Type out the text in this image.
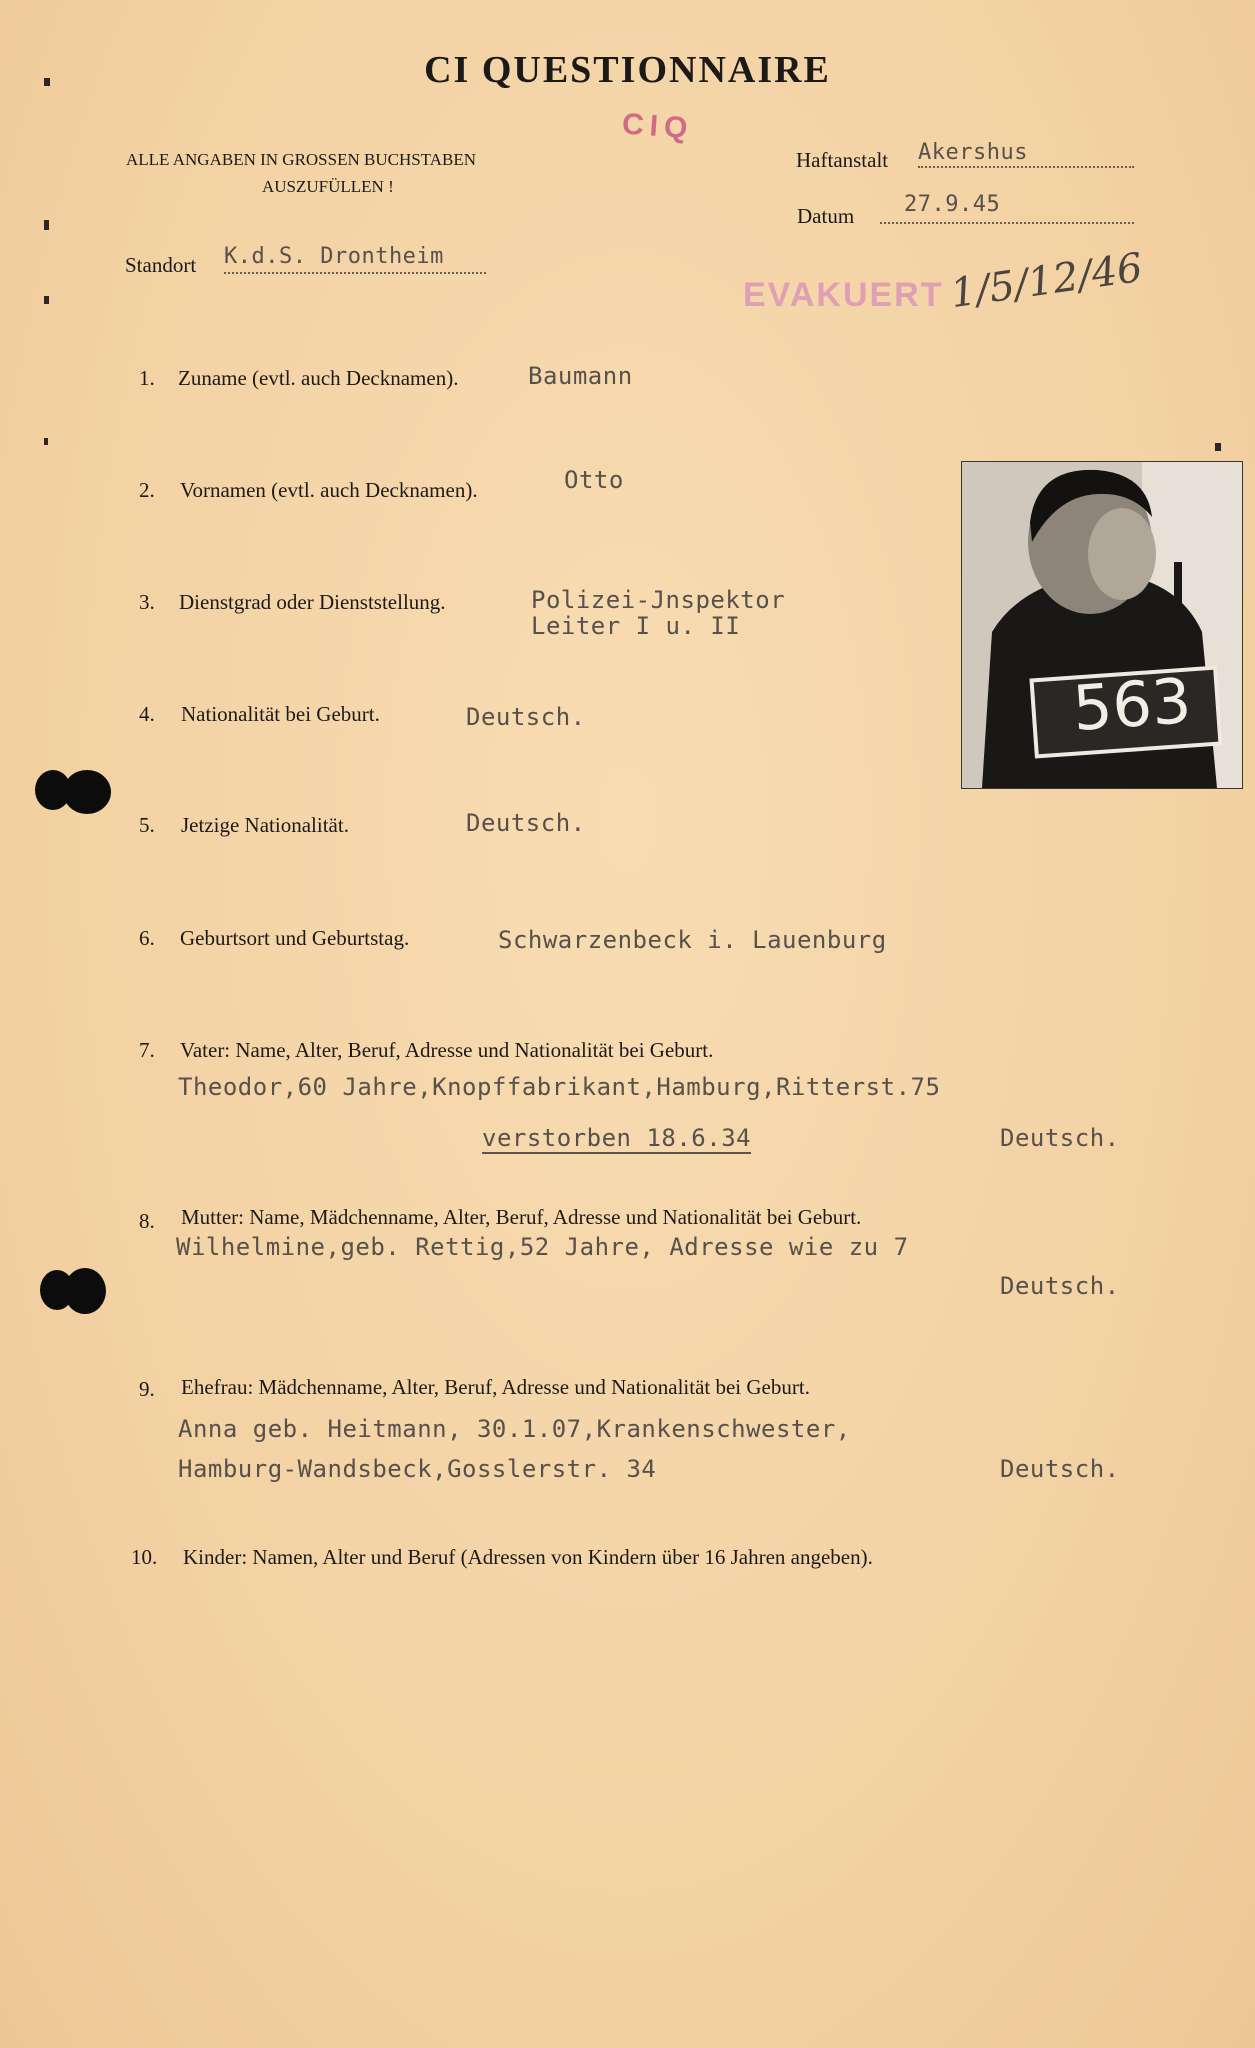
CI QUESTIONNAIRE
ALLE ANGABEN IN GROSSEN BUCHSTABEN
AUSZUFÜLLEN !
CIQ
Haftanstalt Akershus
Datum 27.9.45
Standort K.d.S. Drontheim
EVAKUERT 1/5/12/46
563
1. Zuname (evtl. auch Decknamen).	Baumann
2. Vornamen (evtl. auch Decknamen).	Otto
3. Dienstgrad oder Dienststellung.	Polizei-Jnspektor
Leiter I u. II
4. Nationalität bei Geburt.	Deutsch.
5. Jetzige Nationalität.	Deutsch.
6. Geburtsort und Geburtstag.	Schwarzenbeck i. Lauenburg
7. Vater: Name, Alter, Beruf, Adresse und Nationalität bei Geburt.
Theodor,60 Jahre,Knopffabrikant,Hamburg,Ritterst.75
verstorben 18.6.34	Deutsch.
8. Mutter: Name, Mädchenname, Alter, Beruf, Adresse und Nationalität bei Geburt.
Wilhelmine,geb. Rettig,52 Jahre, Adresse wie zu 7
Deutsch.
9. Ehefrau: Mädchenname, Alter, Beruf, Adresse und Nationalität bei Geburt.
Anna geb. Heitmann, 30.1.07,Krankenschwester,
Hamburg-Wandsbeck,Gosslerstr. 34	Deutsch.
10. Kinder: Namen, Alter und Beruf (Adressen von Kindern über 16 Jahren angeben).
